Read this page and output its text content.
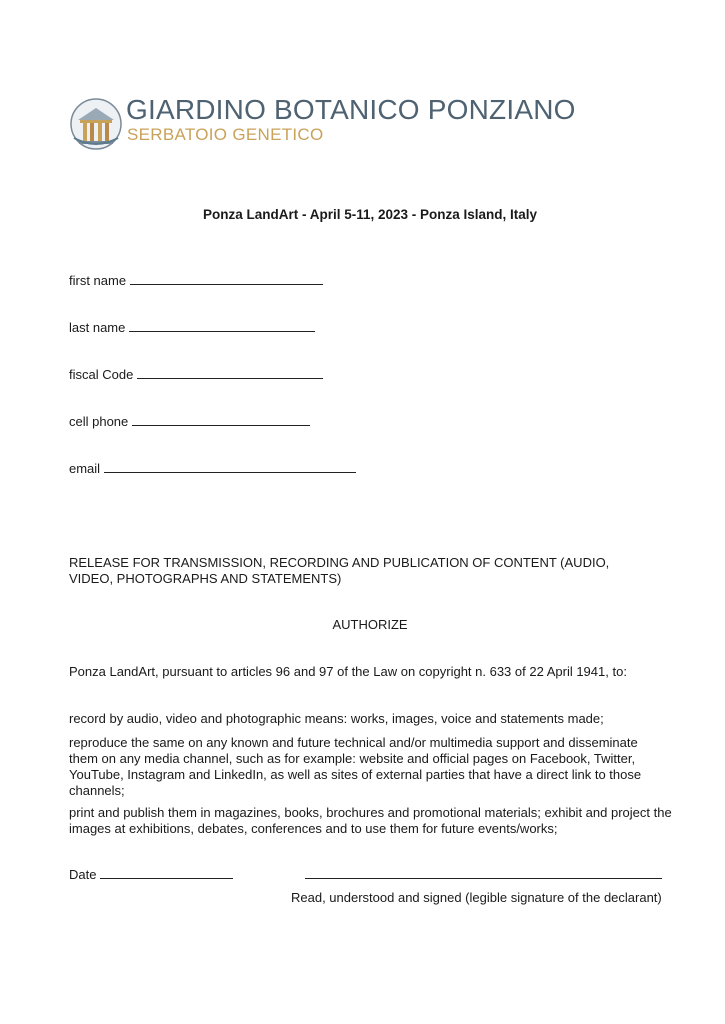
GIARDINO BOTANICO PONZIANO
SERBATOIO GENETICO
Ponza LandArt - April 5-11, 2023 - Ponza Island, Italy
first name
last name
fiscal Code
cell phone
email
RELEASE FOR TRANSMISSION, RECORDING AND PUBLICATION OF CONTENT (AUDIO, VIDEO, PHOTOGRAPHS AND STATEMENTS)
AUTHORIZE
Ponza LandArt, pursuant to articles 96 and 97 of the Law on copyright n. 633 of 22 April 1941, to:
record by audio, video and photographic means: works, images, voice and statements made;
reproduce the same on any known and future technical and/or multimedia support and disseminate them on any media channel, such as for example: website and official pages on Facebook, Twitter, YouTube, Instagram and LinkedIn, as well as sites of external parties that have a direct link to those channels;
print and publish them in magazines, books, brochures and promotional materials; exhibit and project the images at exhibitions, debates, conferences and to use them for future events/works;
Date
Read, understood and signed (legible signature of the declarant)
